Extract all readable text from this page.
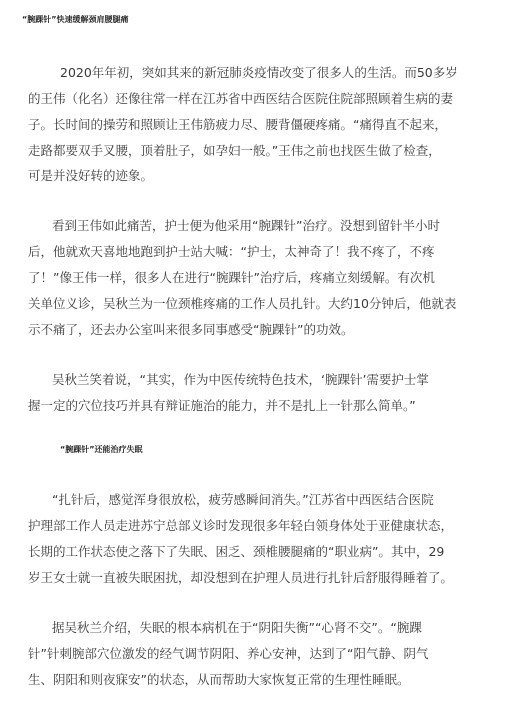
“腕踝针”快速缓解颈肩腰腿痛
2020年年初，突如其来的新冠肺炎疫情改变了很多人的生活。而50多岁
的王伟（化名）还像往常一样在江苏省中西医结合医院住院部照顾着生病的妻
子。长时间的操劳和照顾让王伟筋疲力尽、腰背僵硬疼痛。“痛得直不起来，
走路都要双手叉腰，顶着肚子，如孕妇一般。”王伟之前也找医生做了检查，
可是并没好转的迹象。
看到王伟如此痛苦，护士便为他采用“腕踝针”治疗。没想到留针半小时
后，他就欢天喜地地跑到护士站大喊：“护士，太神奇了！我不疼了，不疼
了！”像王伟一样，很多人在进行“腕踝针”治疗后，疼痛立刻缓解。有次机
关单位义诊，吴秋兰为一位颈椎疼痛的工作人员扎针。大约10分钟后，他就表
示不痛了，还去办公室叫来很多同事感受“腕踝针”的功效。
吴秋兰笑着说，“其实，作为中医传统特色技术，‘腕踝针’需要护士掌
握一定的穴位技巧并具有辩证施治的能力，并不是扎上一针那么简单。”
“腕踝针”还能治疗失眠
“扎针后，感觉浑身很放松，疲劳感瞬间消失。”江苏省中西医结合医院
护理部工作人员走进苏宁总部义诊时发现很多年轻白领身体处于亚健康状态，
长期的工作状态使之落下了失眠、困乏、颈椎腰腿痛的“职业病”。其中，29
岁王女士就一直被失眠困扰，却没想到在护理人员进行扎针后舒服得睡着了。
据吴秋兰介绍，失眠的根本病机在于“阴阳失衡”“心肾不交”。“腕踝
针”针刺腕部穴位激发的经气调节阴阳、养心安神，达到了“阳气静、阴气
生、阴阳和则夜寐安”的状态，从而帮助大家恢复正常的生理性睡眠。
